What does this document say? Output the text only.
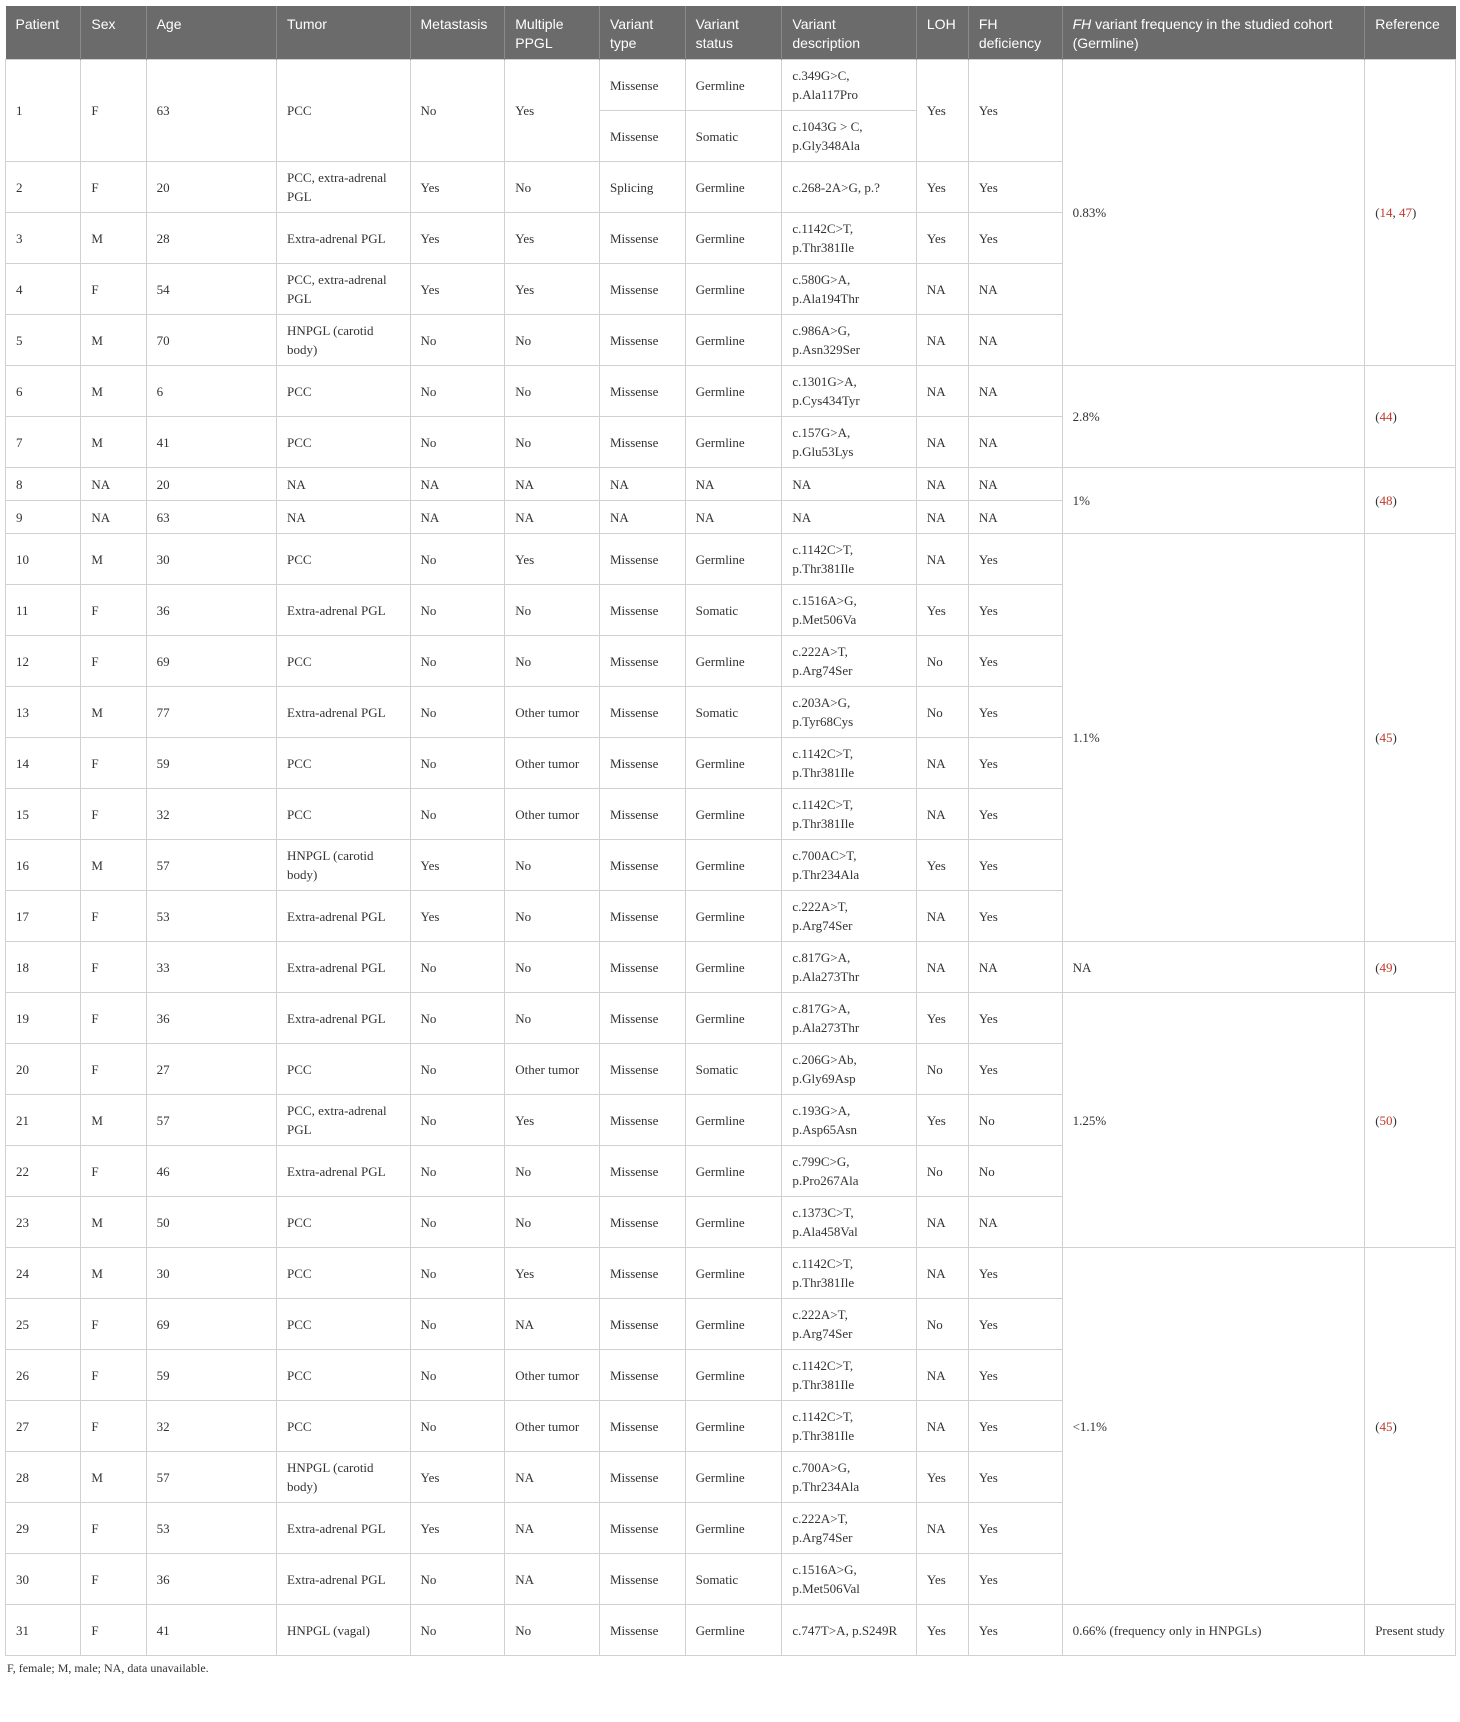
Patient	Sex	Age	Tumor	Metastasis	Multiple PPGL	Variant type	Variant status	Variant description	LOH	FH deficiency	FH variant frequency in the studied cohort (Germline)	Reference
1	F	63	PCC	No	Yes	Missense	Germline	c.349G>C, p.Ala117Pro	Yes	Yes	0.83%	(14, 47)
						Missense	Somatic	c.1043G > C, p.Gly348Ala				
2	F	20	PCC, extra-adrenal PGL	Yes	No	Splicing	Germline	c.268-2A>G, p.?	Yes	Yes		
3	M	28	Extra-adrenal PGL	Yes	Yes	Missense	Germline	c.1142C>T, p.Thr381Ile	Yes	Yes		
4	F	54	PCC, extra-adrenal PGL	Yes	Yes	Missense	Germline	c.580G>A, p.Ala194Thr	NA	NA		
5	M	70	HNPGL (carotid body)	No	No	Missense	Germline	c.986A>G, p.Asn329Ser	NA	NA		
6	M	6	PCC	No	No	Missense	Germline	c.1301G>A, p.Cys434Tyr	NA	NA	2.8%	(44)
7	M	41	PCC	No	No	Missense	Germline	c.157G>A, p.Glu53Lys	NA	NA		
8	NA	20	NA	NA	NA	NA	NA	NA	NA	NA	1%	(48)
9	NA	63	NA	NA	NA	NA	NA	NA	NA	NA		
10	M	30	PCC	No	Yes	Missense	Germline	c.1142C>T, p.Thr381Ile	NA	Yes	1.1%	(45)
11	F	36	Extra-adrenal PGL	No	No	Missense	Somatic	c.1516A>G, p.Met506Va	Yes	Yes		
12	F	69	PCC	No	No	Missense	Germline	c.222A>T, p.Arg74Ser	No	Yes		
13	M	77	Extra-adrenal PGL	No	Other tumor	Missense	Somatic	c.203A>G, p.Tyr68Cys	No	Yes		
14	F	59	PCC	No	Other tumor	Missense	Germline	c.1142C>T, p.Thr381Ile	NA	Yes		
15	F	32	PCC	No	Other tumor	Missense	Germline	c.1142C>T, p.Thr381Ile	NA	Yes		
16	M	57	HNPGL (carotid body)	Yes	No	Missense	Germline	c.700AC>T, p.Thr234Ala	Yes	Yes		
17	F	53	Extra-adrenal PGL	Yes	No	Missense	Germline	c.222A>T, p.Arg74Ser	NA	Yes		
18	F	33	Extra-adrenal PGL	No	No	Missense	Germline	c.817G>A, p.Ala273Thr	NA	NA	NA	(49)
19	F	36	Extra-adrenal PGL	No	No	Missense	Germline	c.817G>A, p.Ala273Thr	Yes	Yes	1.25%	(50)
20	F	27	PCC	No	Other tumor	Missense	Somatic	c.206G>Ab, p.Gly69Asp	No	Yes		
21	M	57	PCC, extra-adrenal PGL	No	Yes	Missense	Germline	c.193G>A, p.Asp65Asn	Yes	No		
22	F	46	Extra-adrenal PGL	No	No	Missense	Germline	c.799C>G, p.Pro267Ala	No	No		
23	M	50	PCC	No	No	Missense	Germline	c.1373C>T, p.Ala458Val	NA	NA		
24	M	30	PCC	No	Yes	Missense	Germline	c.1142C>T, p.Thr381Ile	NA	Yes	<1.1%	(45)
25	F	69	PCC	No	NA	Missense	Germline	c.222A>T, p.Arg74Ser	No	Yes		
26	F	59	PCC	No	Other tumor	Missense	Germline	c.1142C>T, p.Thr381Ile	NA	Yes		
27	F	32	PCC	No	Other tumor	Missense	Germline	c.1142C>T, p.Thr381Ile	NA	Yes		
28	M	57	HNPGL (carotid body)	Yes	NA	Missense	Germline	c.700A>G, p.Thr234Ala	Yes	Yes		
29	F	53	Extra-adrenal PGL	Yes	NA	Missense	Germline	c.222A>T, p.Arg74Ser	NA	Yes		
30	F	36	Extra-adrenal PGL	No	NA	Missense	Somatic	c.1516A>G, p.Met506Val	Yes	Yes		
31	F	41	HNPGL (vagal)	No	No	Missense	Germline	c.747T>A, p.S249R	Yes	Yes	0.66% (frequency only in HNPGLs)	Present study
F, female; M, male; NA, data unavailable.
